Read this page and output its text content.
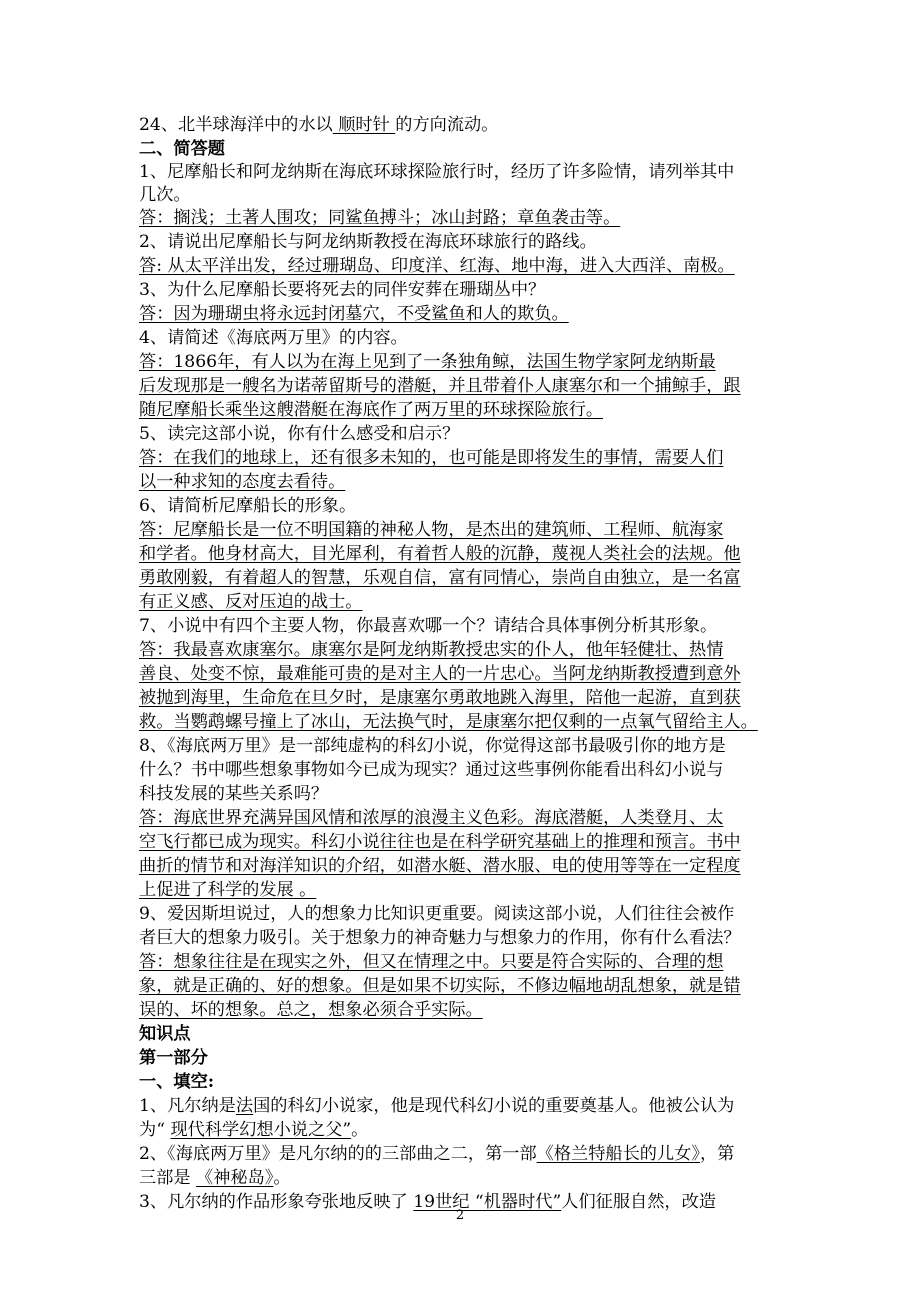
24、北半球海洋中的水以 顺时针 的方向流动。
二、简答题
1、尼摩船长和阿龙纳斯在海底环球探险旅行时，经历了许多险情，请列举其中
几次。
答：搁浅；土著人围攻；同鲨鱼搏斗；冰山封路；章鱼袭击等。
2、请说出尼摩船长与阿龙纳斯教授在海底环球旅行的路线。
答: 从太平洋出发，经过珊瑚岛、印度洋、红海、地中海，进入大西洋、南极。
3、为什么尼摩船长要将死去的同伴安葬在珊瑚丛中？
答：因为珊瑚虫将永远封闭墓穴，不受鲨鱼和人的欺负。
4、请简述《海底两万里》的内容。
答：1866年，有人以为在海上见到了一条独角鲸，法国生物学家阿龙纳斯最
后发现那是一艘名为诺蒂留斯号的潜艇，并且带着仆人康塞尔和一个捕鲸手，跟
随尼摩船长乘坐这艘潜艇在海底作了两万里的环球探险旅行。
5、读完这部小说，你有什么感受和启示？
答：在我们的地球上，还有很多未知的，也可能是即将发生的事情，需要人们
以一种求知的态度去看待。
6、请简析尼摩船长的形象。
答：尼摩船长是一位不明国籍的神秘人物，是杰出的建筑师、工程师、航海家
和学者。他身材高大，目光犀利，有着哲人般的沉静，蔑视人类社会的法规。他
勇敢刚毅，有着超人的智慧，乐观自信，富有同情心，崇尚自由独立，是一名富
有正义感、反对压迫的战士。
7、小说中有四个主要人物，你最喜欢哪一个？请结合具体事例分析其形象。
答：我最喜欢康塞尔。康塞尔是阿龙纳斯教授忠实的仆人，他年轻健壮、热情
善良、处变不惊，最难能可贵的是对主人的一片忠心。当阿龙纳斯教授遭到意外
被抛到海里，生命危在旦夕时，是康塞尔勇敢地跳入海里，陪他一起游，直到获
救。当鹦鹉螺号撞上了冰山，无法换气时，是康塞尔把仅剩的一点氧气留给主人。
8、《海底两万里》是一部纯虚构的科幻小说，你觉得这部书最吸引你的地方是
什么？书中哪些想象事物如今已成为现实？通过这些事例你能看出科幻小说与
科技发展的某些关系吗？
答：海底世界充满异国风情和浓厚的浪漫主义色彩。海底潜艇，人类登月、太
空飞行都已成为现实。科幻小说往往也是在科学研究基础上的推理和预言。书中
曲折的情节和对海洋知识的介绍，如潜水艇、潜水服、电的使用等等在一定程度
上促进了科学的发展 。
9、爱因斯坦说过，人的想象力比知识更重要。阅读这部小说，人们往往会被作
者巨大的想象力吸引。关于想象力的神奇魅力与想象力的作用，你有什么看法？
答：想象往往是在现实之外，但又在情理之中。只要是符合实际的、合理的想
象，就是正确的、好的想象。但是如果不切实际，不修边幅地胡乱想象，就是错
误的、坏的想象。总之，想象必须合乎实际。
知识点
第一部分
一、填空:
1、凡尔纳是法国的科幻小说家，他是现代科幻小说的重要奠基人。他被公认为
为“ 现代科学幻想小说之父”。
2、《海底两万里》是凡尔纳的的三部曲之二，第一部《格兰特船长的儿女》，第
三部是 《神秘岛》。
3、凡尔纳的作品形象夸张地反映了 19世纪 “机器时代”人们征服自然，改造
2
